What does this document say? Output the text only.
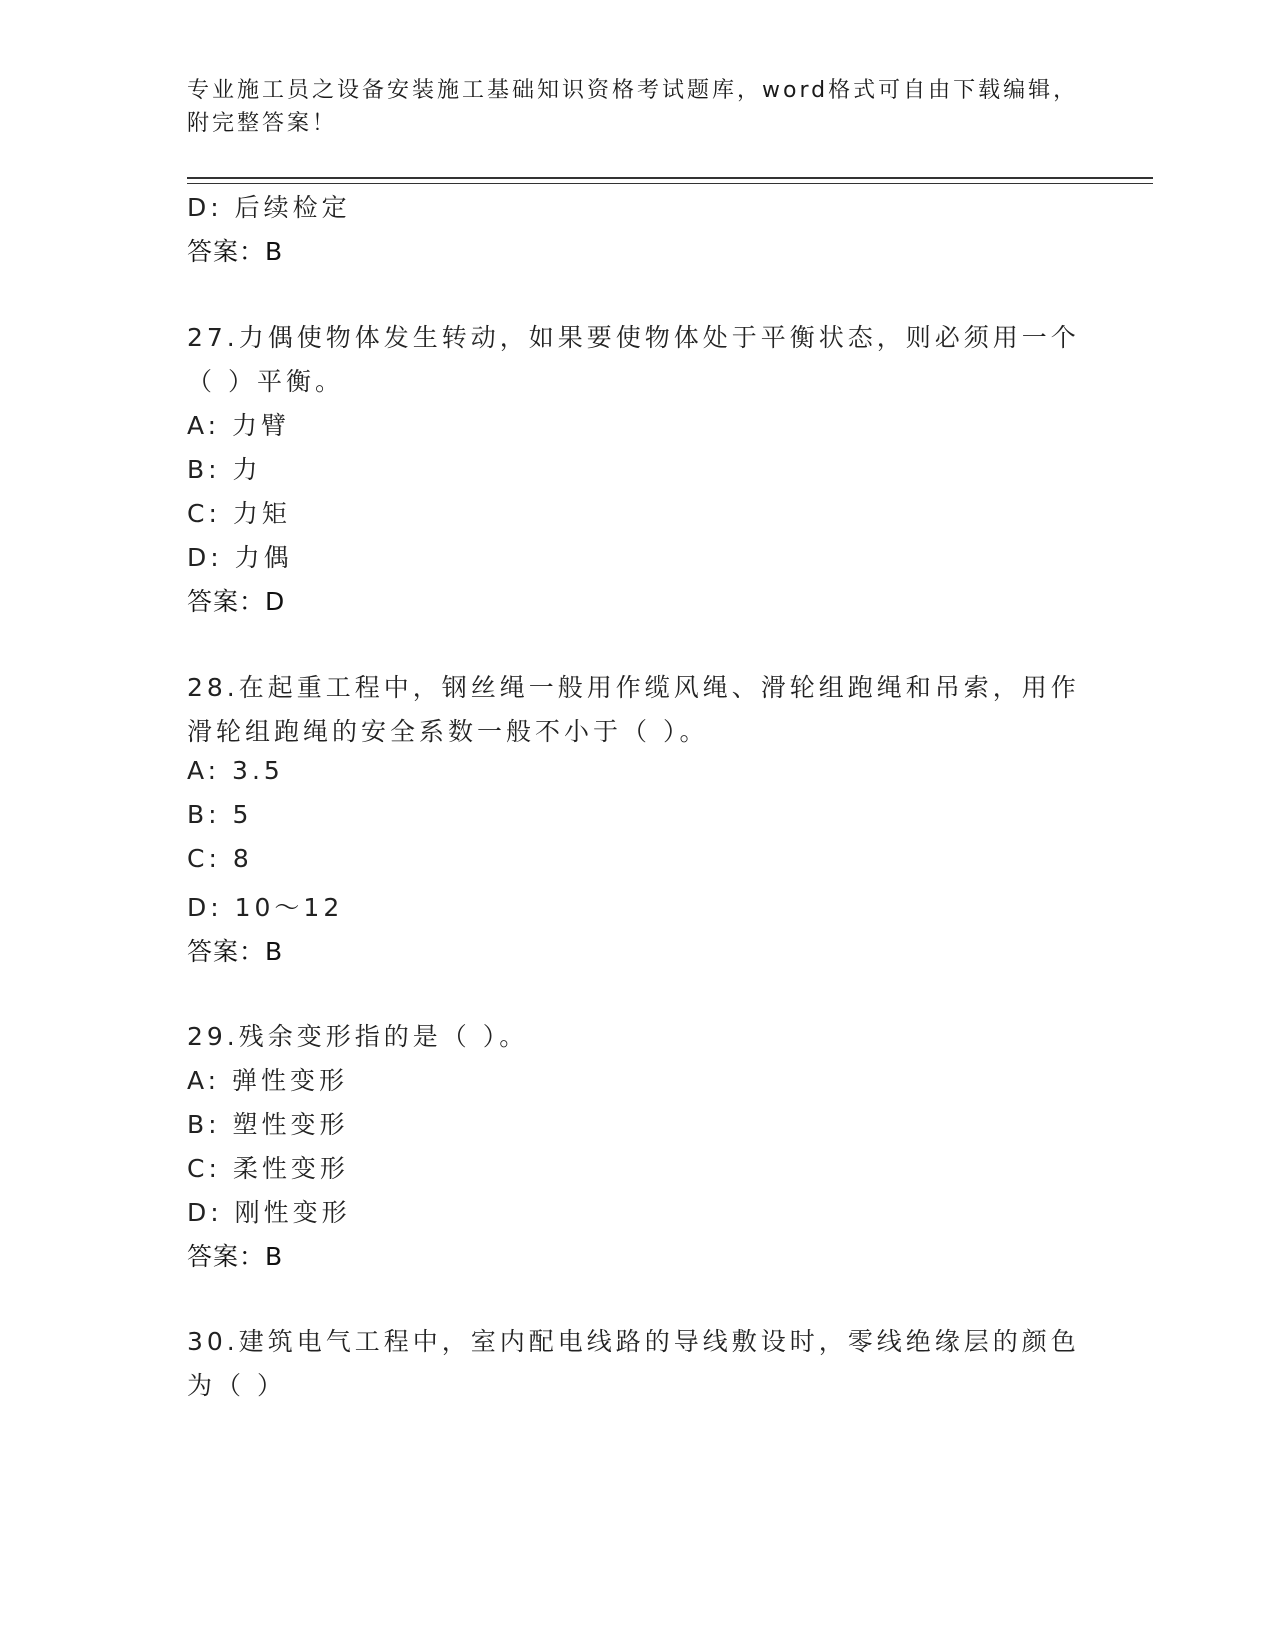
专业施工员之设备安装施工基础知识资格考试题库，word格式可自由下载编辑，附完整答案！
D: 后续检定
答案：B
27.力偶使物体发生转动，如果要使物体处于平衡状态，则必须用一个
（ ）平衡。
A: 力臂
B: 力
C: 力矩
D: 力偶
答案：D
28.在起重工程中，钢丝绳一般用作缆风绳、滑轮组跑绳和吊索，用作
滑轮组跑绳的安全系数一般不小于（ ）。
A: 3.5
B: 5
C: 8
D: 10～12
答案：B
29.残余变形指的是（ ）。
A: 弹性变形
B: 塑性变形
C: 柔性变形
D: 刚性变形
答案：B
30.建筑电气工程中，室内配电线路的导线敷设时，零线绝缘层的颜色
为（ ）
